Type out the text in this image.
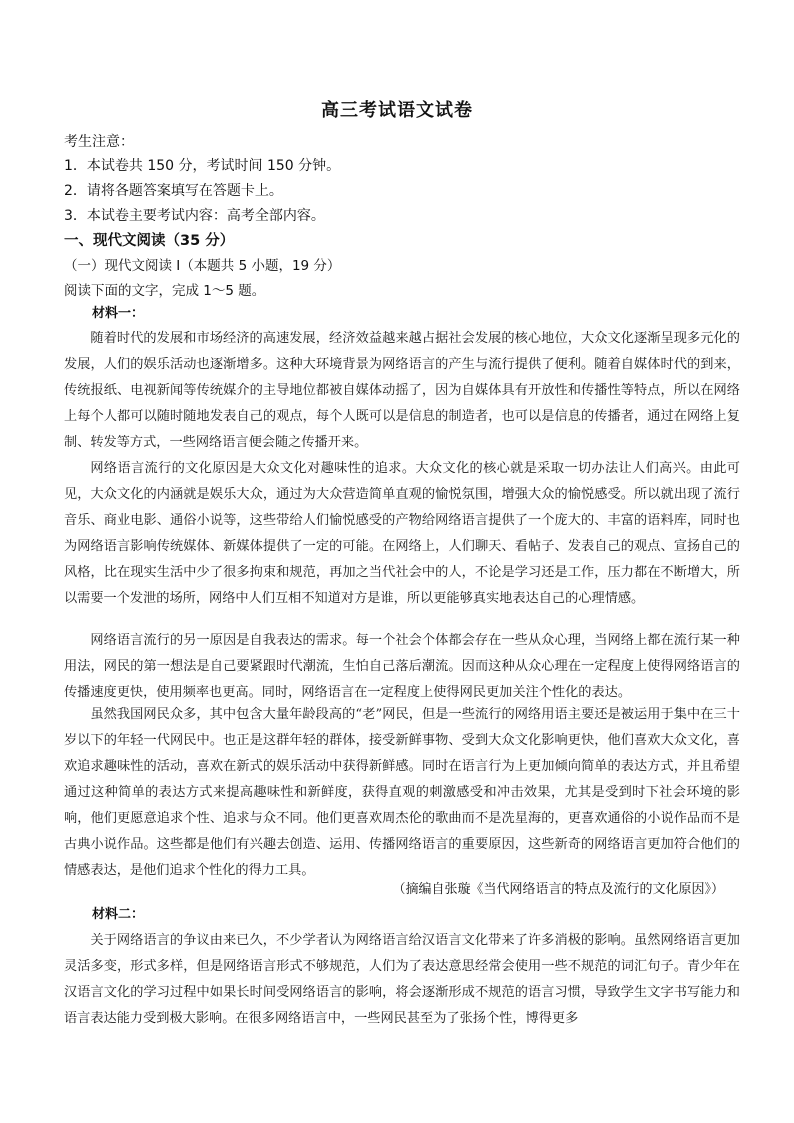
高三考试语文试卷
考生注意：
1．本试卷共 150 分，考试时间 150 分钟。
2．请将各题答案填写在答题卡上。
3．本试卷主要考试内容：高考全部内容。
一、现代文阅读（35 分）
（一）现代文阅读 I（本题共 5 小题，19 分）
阅读下面的文字，完成 1～5 题。
材料一：

随着时代的发展和市场经济的高速发展，经济效益越来越占据社会发展的核心地位，大众文化逐渐呈现多元化的发展，人们的娱乐活动也逐渐增多。这种大环境背景为网络语言的产生与流行提供了便利。随着自媒体时代的到来，传统报纸、电视新闻等传统媒介的主导地位都被自媒体动摇了，因为自媒体具有开放性和传播性等特点，所以在网络上每个人都可以随时随地发表自己的观点，每个人既可以是信息的制造者，也可以是信息的传播者，通过在网络上复制、转发等方式，一些网络语言便会随之传播开来。

网络语言流行的文化原因是大众文化对趣味性的追求。大众文化的核心就是采取一切办法让人们高兴。由此可见，大众文化的内涵就是娱乐大众，通过为大众营造简单直观的愉悦氛围，增强大众的愉悦感受。所以就出现了流行音乐、商业电影、通俗小说等，这些带给人们愉悦感受的产物给网络语言提供了一个庞大的、丰富的语料库，同时也为网络语言影响传统媒体、新媒体提供了一定的可能。在网络上，人们聊天、看帖子、发表自己的观点、宣扬自己的风格，比在现实生活中少了很多拘束和规范，再加之当代社会中的人，不论是学习还是工作，压力都在不断增大，所以需要一个发泄的场所，网络中人们互相不知道对方是谁，所以更能够真实地表达自己的心理情感。

网络语言流行的另一原因是自我表达的需求。每一个社会个体都会存在一些从众心理，当网络上都在流行某一种用法，网民的第一想法是自己要紧跟时代潮流，生怕自己落后潮流。因而这种从众心理在一定程度上使得网络语言的传播速度更快，使用频率也更高。同时，网络语言在一定程度上使得网民更加关注个性化的表达。

虽然我国网民众多，其中包含大量年龄段高的“老”网民，但是一些流行的网络用语主要还是被运用于集中在三十岁以下的年轻一代网民中。也正是这群年轻的群体，接受新鲜事物、受到大众文化影响更快，他们喜欢大众文化，喜欢追求趣味性的活动，喜欢在新式的娱乐活动中获得新鲜感。同时在语言行为上更加倾向简单的表达方式，并且希望通过这种简单的表达方式来提高趣味性和新鲜度，获得直观的刺激感受和冲击效果，尤其是受到时下社会环境的影响，他们更愿意追求个性、追求与众不同。他们更喜欢周杰伦的歌曲而不是冼星海的，更喜欢通俗的小说作品而不是古典小说作品。这些都是他们有兴趣去创造、运用、传播网络语言的重要原因，这些新奇的网络语言更加符合他们的情感表达，是他们追求个性化的得力工具。

（摘编自张璇《当代网络语言的特点及流行的文化原因》）
材料二：

关于网络语言的争议由来已久，不少学者认为网络语言给汉语言文化带来了许多消极的影响。虽然网络语言更加灵活多变，形式多样，但是网络语言形式不够规范，人们为了表达意思经常会使用一些不规范的词汇句子。青少年在汉语言文化的学习过程中如果长时间受网络语言的影响，将会逐渐形成不规范的语言习惯，导致学生文字书写能力和语言表达能力受到极大影响。在很多网络语言中，一些网民甚至为了张扬个性，博得更多
